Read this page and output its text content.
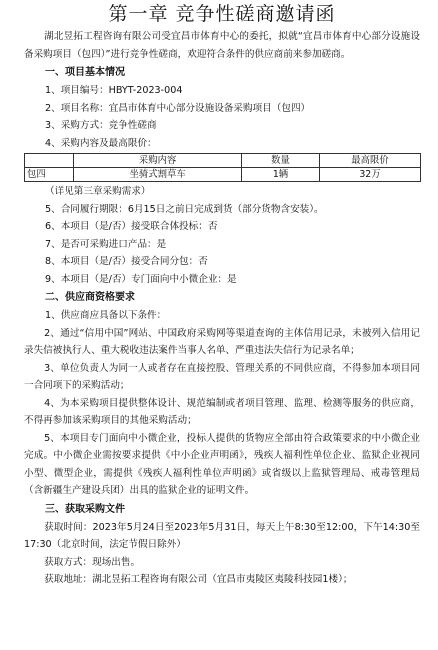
第一章 竞争性磋商邀请函

湖北昱拓工程咨询有限公司受宜昌市体育中心的委托，拟就“宜昌市体育中心部分设施设备采购项目（包四）”进行竞争性磋商，欢迎符合条件的供应商前来参加磋商。

一、项目基本情况

1、项目编号：HBYT-2023-004

2、项目名称：宜昌市体育中心部分设施设备采购项目（包四）

3、采购方式：竞争性磋商

4、采购内容及最高限价：

	采购内容	数量	最高限价
包四	坐骑式割草车	1辆	32万

（详见第三章采购需求）

5、合同履行期限：6月15日之前日完成到货（部分货物含安装）。

6、本项目（是/否）接受联合体投标：否

7、是否可采购进口产品：是

8、本项目（是/否）接受合同分包：否

9、本项目（是/否）专门面向中小微企业：是

二、供应商资格要求

1、供应商应具备以下条件：

2、通过“信用中国”网站、中国政府采购网等渠道查询的主体信用记录，未被列入信用记录失信被执行人、重大税收违法案件当事人名单、严重违法失信行为记录名单；

3、单位负责人为同一人或者存在直接控股、管理关系的不同供应商，不得参加本项目同一合同项下的采购活动；

4、为本采购项目提供整体设计、规范编制或者项目管理、监理、检测等服务的供应商，不得再参加该采购项目的其他采购活动；

5、本项目专门面向中小微企业，投标人提供的货物应全部由符合政策要求的中小微企业完成。中小微企业需按要求提供《中小企业声明函》，残疾人福利性单位企业、监狱企业视同小型、微型企业，需提供《残疾人福利性单位声明函》或省级以上监狱管理局、戒毒管理局（含新疆生产建设兵团）出具的监狱企业的证明文件。

三、获取采购文件

获取时间：2023年5月24日至2023年5月31日，每天上午8:30至12:00，下午14:30至17:30（北京时间，法定节假日除外）

获取方式：现场出售。

获取地址：湖北昱拓工程咨询有限公司（宜昌市夷陵区夷陵科技园1楼）；
